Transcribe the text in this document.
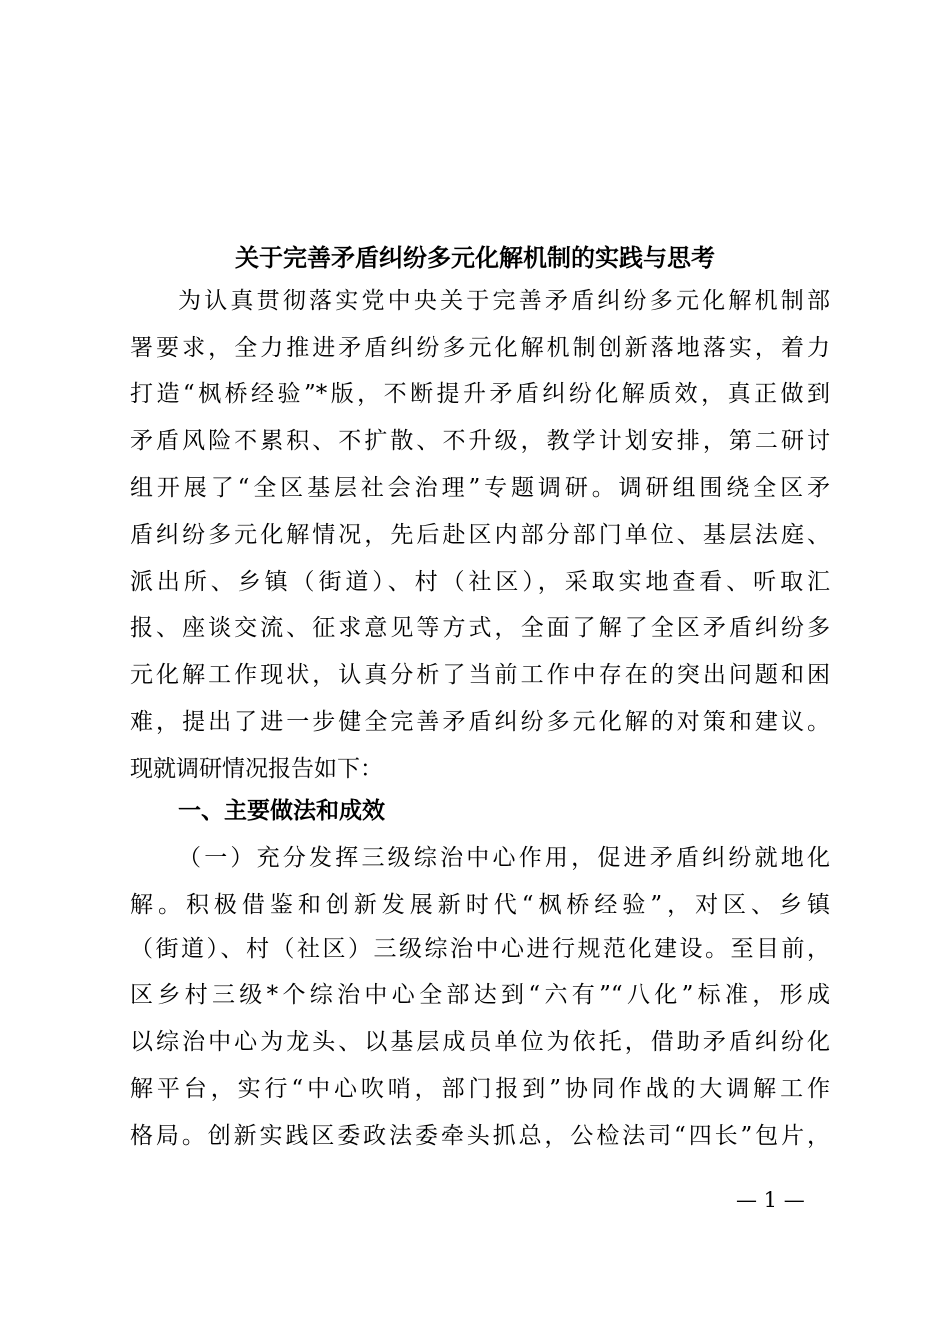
关于完善矛盾纠纷多元化解机制的实践与思考

为认真贯彻落实党中央关于完善矛盾纠纷多元化解机制部

署要求，全力推进矛盾纠纷多元化解机制创新落地落实，着力

打造“枫桥经验”*版，不断提升矛盾纠纷化解质效，真正做到

矛盾风险不累积、不扩散、不升级，教学计划安排，第二研讨

组开展了“全区基层社会治理”专题调研。调研组围绕全区矛

盾纠纷多元化解情况，先后赴区内部分部门单位、基层法庭、

派出所、乡镇（街道）、村（社区），采取实地查看、听取汇

报、座谈交流、征求意见等方式，全面了解了全区矛盾纠纷多

元化解工作现状，认真分析了当前工作中存在的突出问题和困

难，提出了进一步健全完善矛盾纠纷多元化解的对策和建议。

现就调研情况报告如下：

一、主要做法和成效

（一）充分发挥三级综治中心作用，促进矛盾纠纷就地化

解。积极借鉴和创新发展新时代“枫桥经验”，对区、乡镇

（街道）、村（社区）三级综治中心进行规范化建设。至目前，

区乡村三级*个综治中心全部达到“六有”“八化”标准，形成

以综治中心为龙头、以基层成员单位为依托，借助矛盾纠纷化

解平台，实行“中心吹哨，部门报到”协同作战的大调解工作

格局。创新实践区委政法委牵头抓总，公检法司“四长”包片，

— 1 —
